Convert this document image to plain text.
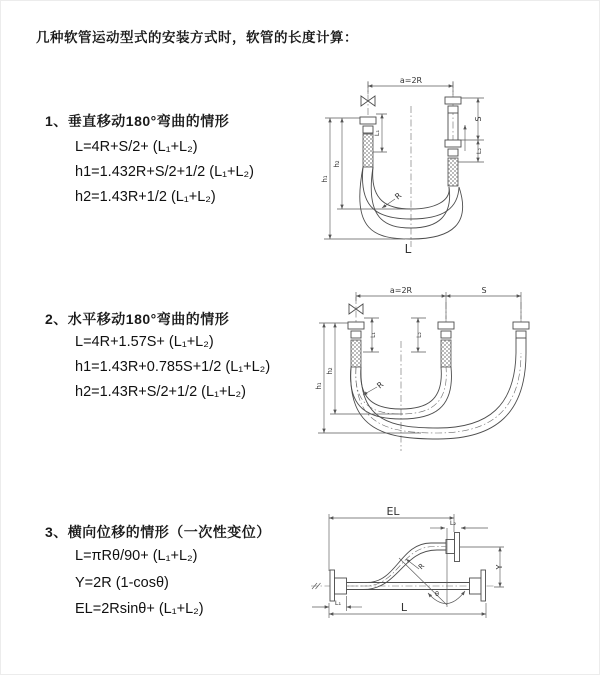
几种软管运动型式的安装方式时，软管的长度计算：
1、垂直移动180°弯曲的情形
L=4R+S/2+ (L₁+L₂)
h1=1.432R+S/2+1/2 (L₁+L₂)
h2=1.43R+1/2 (L₁+L₂)
2、水平移动180°弯曲的情形
L=4R+1.57S+ (L₁+L₂)
h1=1.43R+0.785S+1/2 (L₁+L₂)
h2=1.43R+S/2+1/2 (L₁+L₂)
3、横向位移的情形（一次性变位）
L=πRθ/90+ (L₁+L₂)
Y=2R (1-cosθ)
EL=2Rsinθ+ (L₁+L₂)
a=2R
L₁
h₂
h₁
S
L₂
R
L
a=2R	S
L₁	L₂
h₂
h₁	R
θ
R
EL
L₂
Y
L₁	L
